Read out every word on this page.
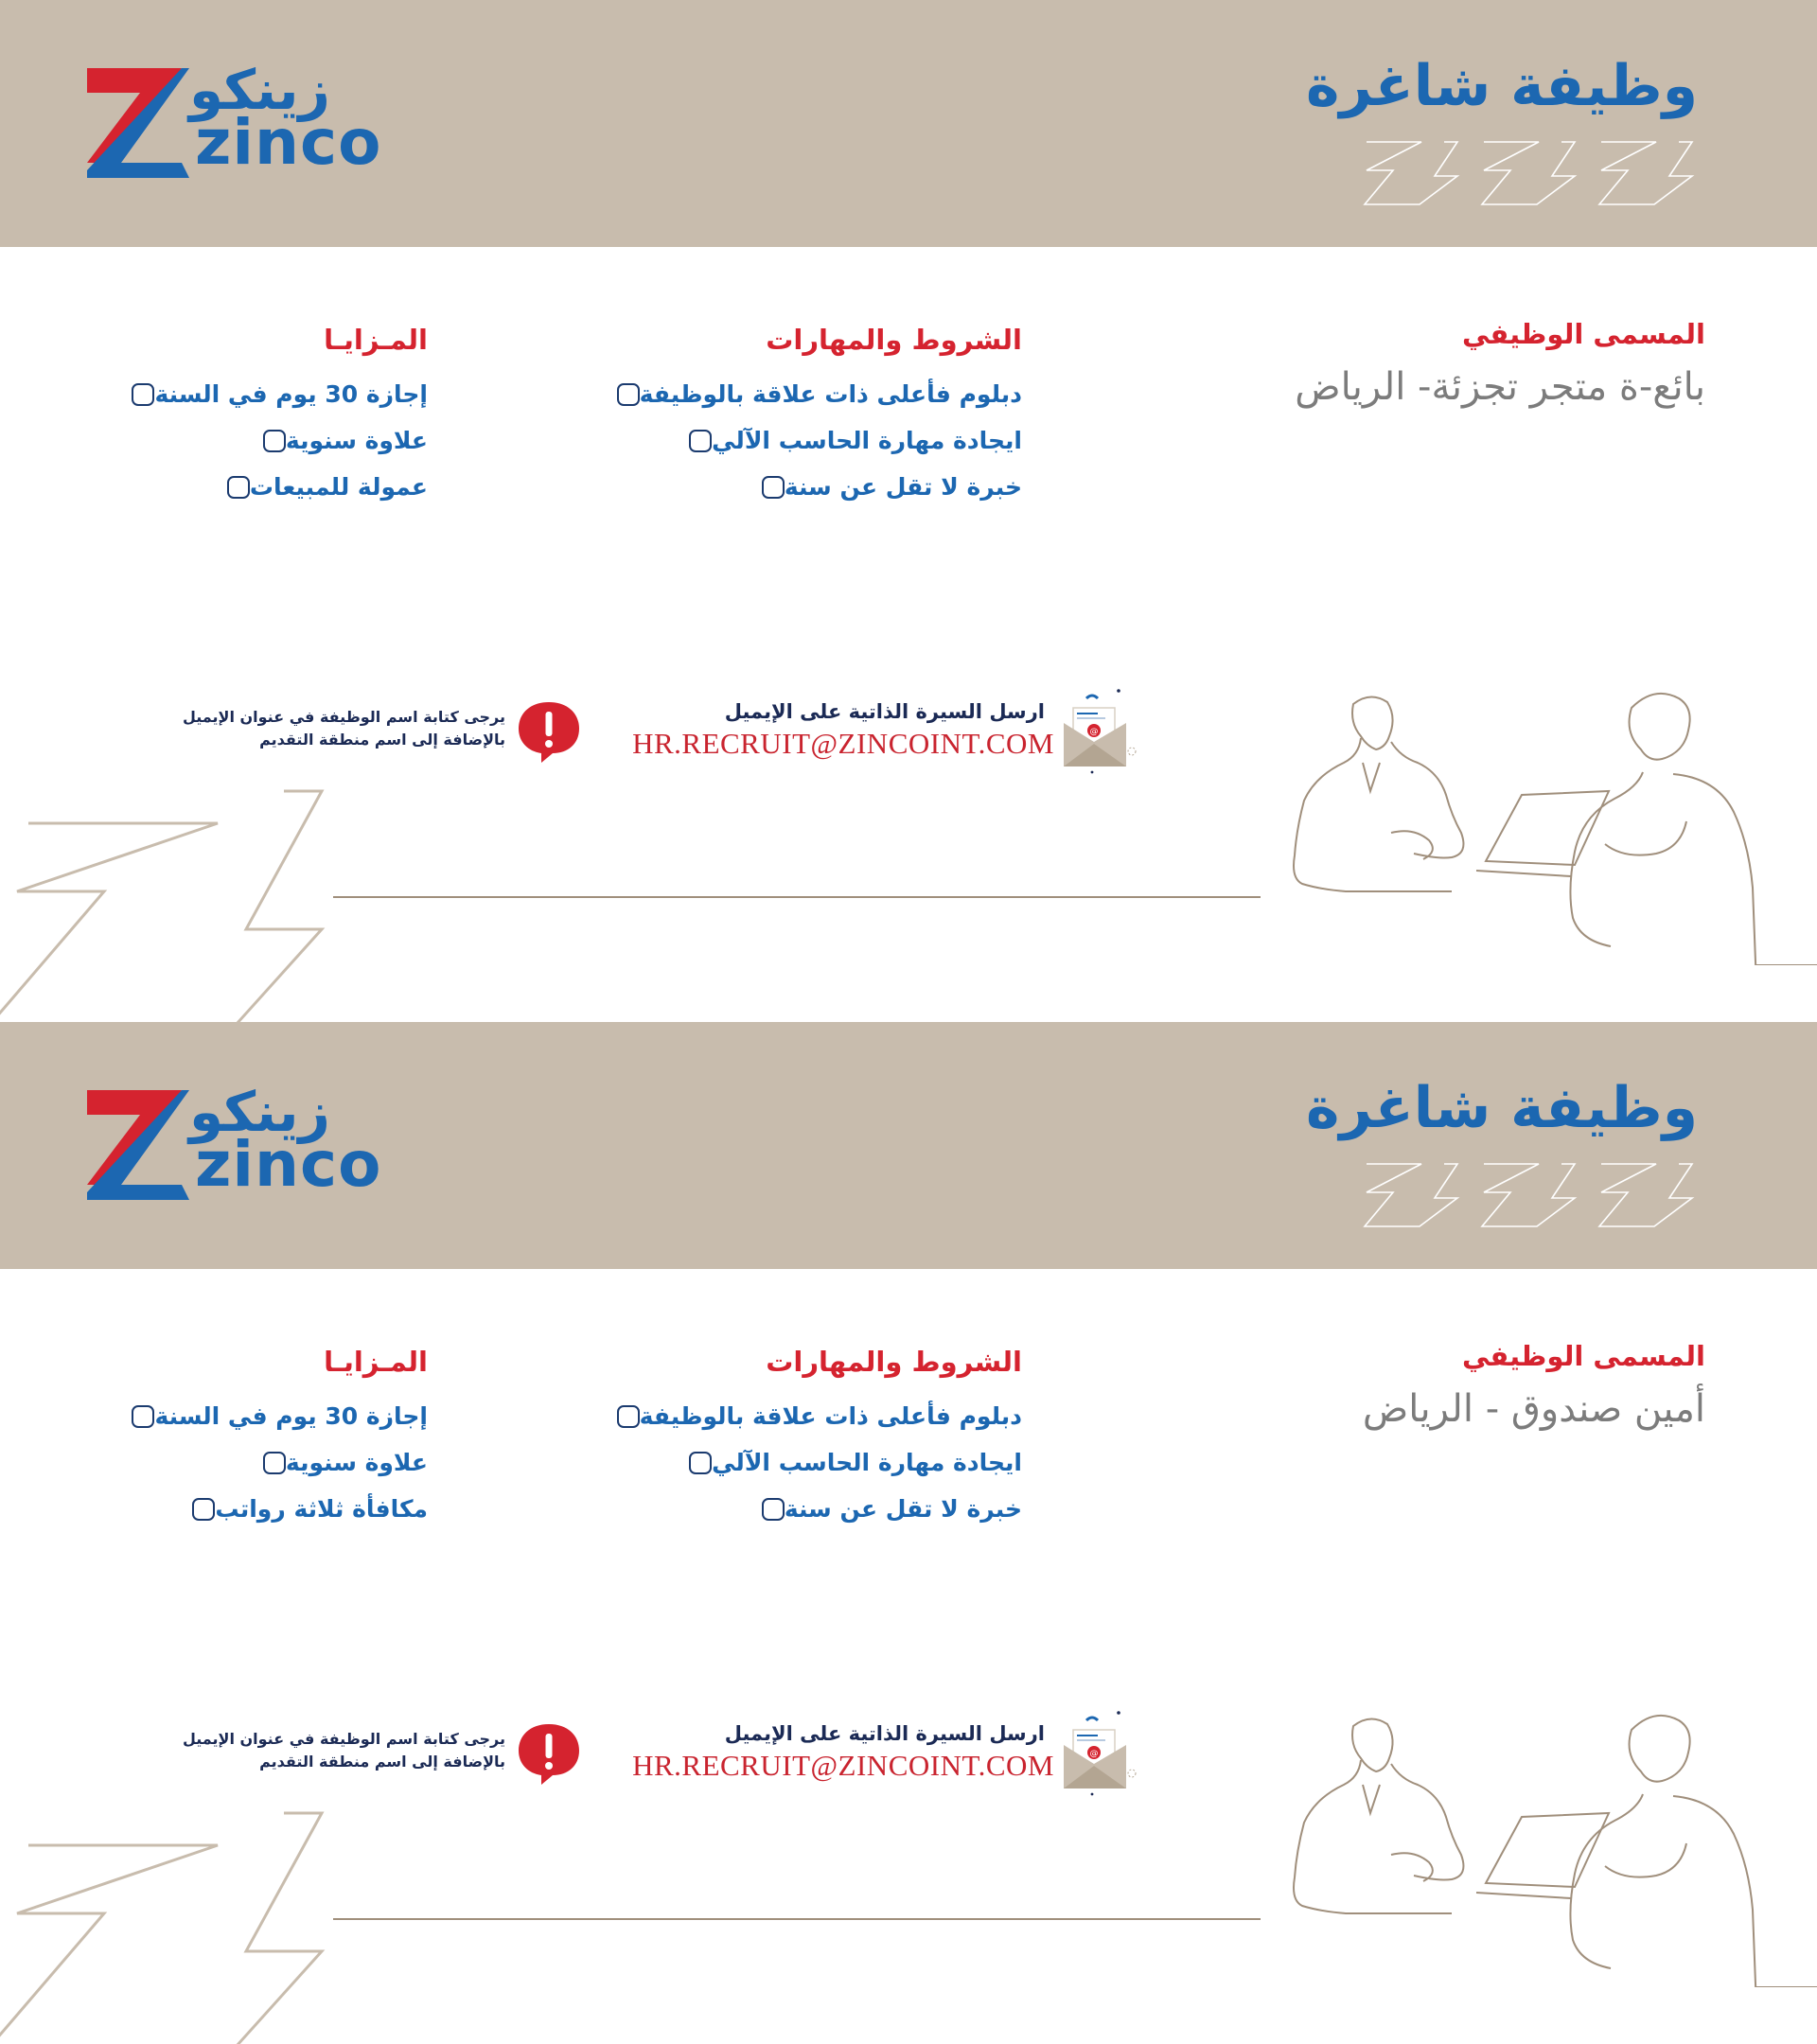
زينكو
zinco
وظيفة شاغرة
المسمى الوظيفي
بائع-ة متجر تجزئة- الرياض
الشروط والمهارات
دبلوم فأعلى ذات علاقة بالوظيفة
ايجادة مهارة الحاسب الآلي
خبرة لا تقل عن سنة
المـزايـا
إجازة 30 يوم في السنة
علاوة سنوية
عمولة للمبيعات
@
ارسل السيرة الذاتية على الإيميل
HR.RECRUIT@ZINCOINT.COM
يرجى كتابة اسم الوظيفة في عنوان الإيميل
بالإضافة إلى اسم منطقة التقديم
زينكو
zinco
وظيفة شاغرة
المسمى الوظيفي
أمين صندوق - الرياض
الشروط والمهارات
دبلوم فأعلى ذات علاقة بالوظيفة
ايجادة مهارة الحاسب الآلي
خبرة لا تقل عن سنة
المـزايـا
إجازة 30 يوم في السنة
علاوة سنوية
مكافأة ثلاثة رواتب
@
ارسل السيرة الذاتية على الإيميل
HR.RECRUIT@ZINCOINT.COM
يرجى كتابة اسم الوظيفة في عنوان الإيميل
بالإضافة إلى اسم منطقة التقديم
